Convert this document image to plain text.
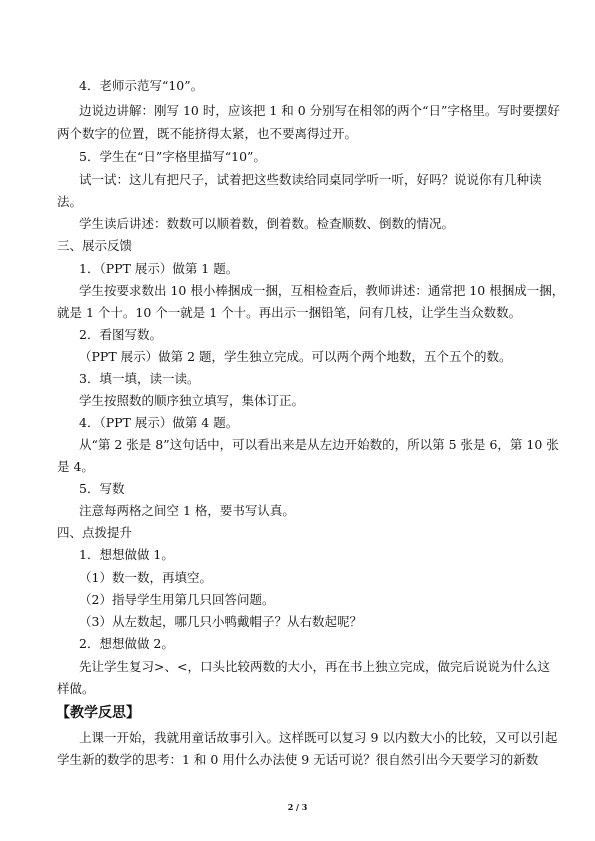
4．老师示范写“10”。
边说边讲解：刚写 10 时，应该把 1 和 0 分别写在相邻的两个“日”字格里。写时要摆好
两个数字的位置，既不能挤得太紧，也不要离得过开。
5．学生在“日”字格里描写“10”。
试一试：这儿有把尺子，试着把这些数读给同桌同学听一听，好吗？说说你有几种读
法。
学生读后讲述：数数可以顺着数，倒着数。检查顺数、倒数的情况。
三、展示反馈
1．（PPT 展示）做第 1 题。
学生按要求数出 10 根小棒捆成一捆，互相检查后，教师讲述：通常把 10 根捆成一捆，
就是 1 个十。10 个一就是 1 个十。再出示一捆铅笔，问有几枝，让学生当众数数。
2．看图写数。
（PPT 展示）做第 2 题，学生独立完成。可以两个两个地数，五个五个的数。
3．填一填，读一读。
学生按照数的顺序独立填写，集体订正。
4．（PPT 展示）做第 4 题。
从“第 2 张是 8”这句话中，可以看出来是从左边开始数的，所以第 5 张是 6，第 10 张
是 4。
5．写数
注意每两格之间空 1 格，要书写认真。
四、点拨提升
1．想想做做 1。
（1）数一数，再填空。
（2）指导学生用第几只回答问题。
（3）从左数起，哪几只小鸭戴帽子？从右数起呢？
2．想想做做 2。
先让学生复习>、<，口头比较两数的大小，再在书上独立完成，做完后说说为什么这
样做。
【教学反思】
上课一开始，我就用童话故事引入。这样既可以复习 9 以内数大小的比较，又可以引起
学生新的数学的思考：1 和 0 用什么办法使 9 无话可说？很自然引出今天要学习的新数
2 / 3
